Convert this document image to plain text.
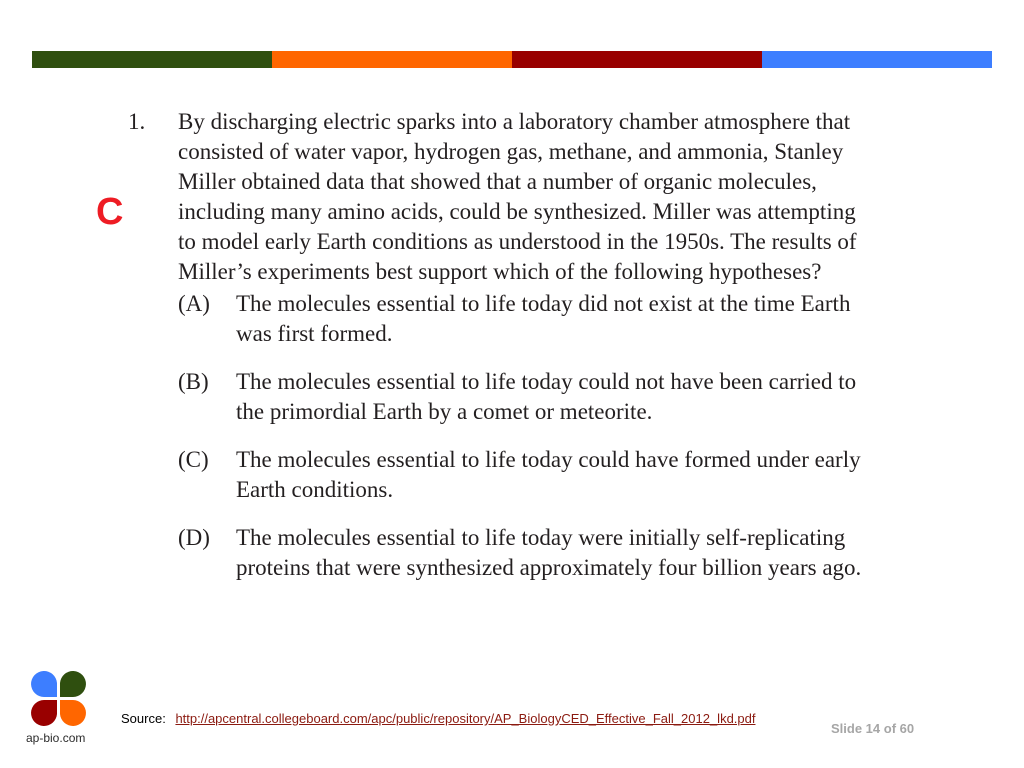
C
1. By discharging electric sparks into a laboratory chamber atmosphere that consisted of water vapor, hydrogen gas, methane, and ammonia, Stanley Miller obtained data that showed that a number of organic molecules, including many amino acids, could be synthesized. Miller was attempting to model early Earth conditions as understood in the 1950s. The results of Miller’s experiments best support which of the following hypotheses?
(A) The molecules essential to life today did not exist at the time Earth was first formed.
(B) The molecules essential to life today could not have been carried to the primordial Earth by a comet or meteorite.
(C) The molecules essential to life today could have formed under early Earth conditions.
(D) The molecules essential to life today were initially self-replicating proteins that were synthesized approximately four billion years ago.
ap-bio.com
Source: http://apcentral.collegeboard.com/apc/public/repository/AP_BiologyCED_Effective_Fall_2012_lkd.pdf
Slide 14 of 60
